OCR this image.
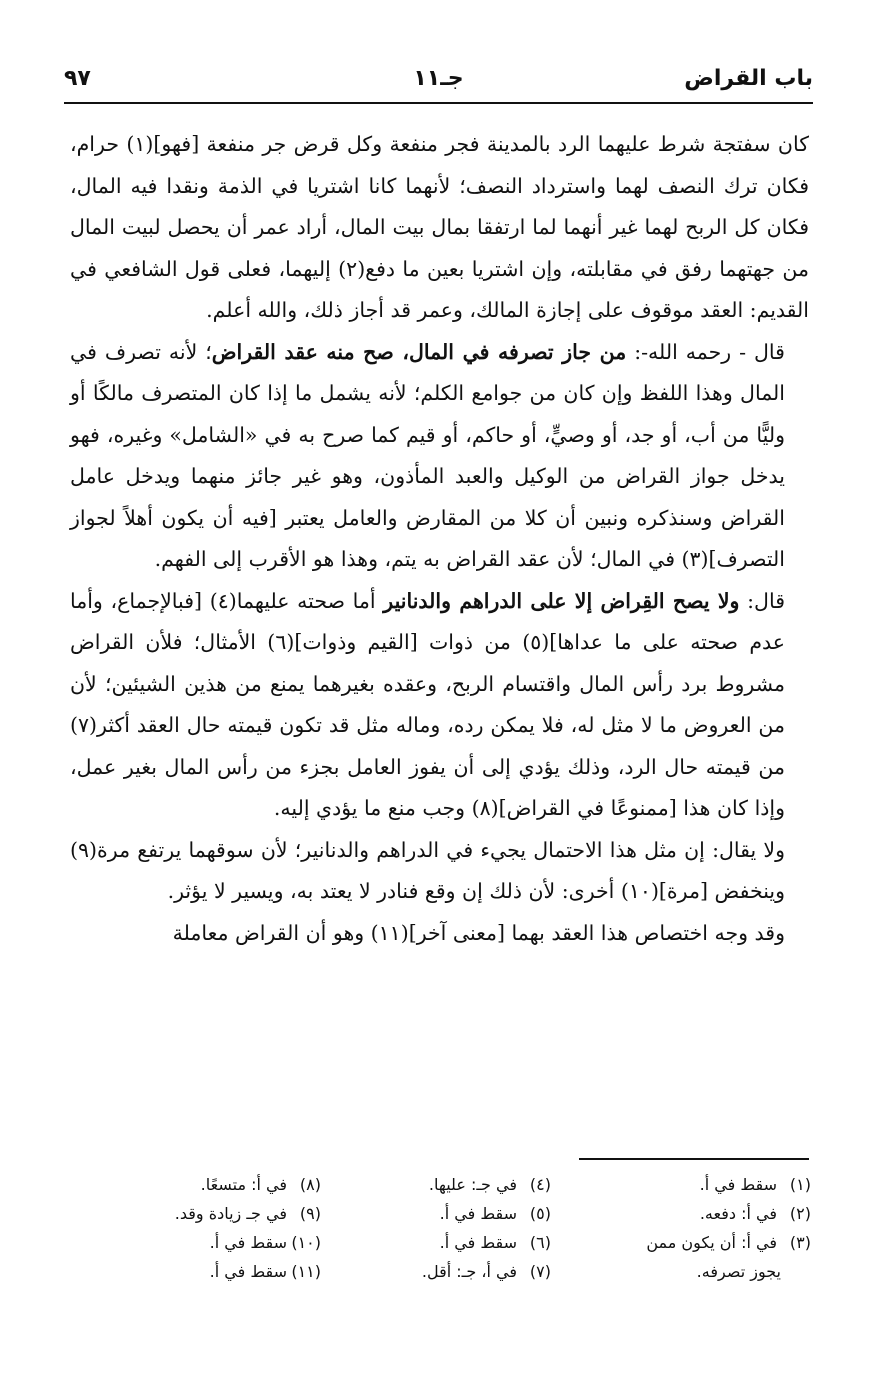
باب القراض
جـ١١
٩٧

كان سفتجة شرط عليهما الرد بالمدينة فجر منفعة وكل قرض جر منفعة [فهو](١) حرام، فكان ترك النصف لهما واسترداد النصف؛ لأنهما كانا اشتريا في الذمة ونقدا فيه المال، فكان كل الربح لهما غير أنهما لما ارتفقا بمال بيت المال، أراد عمر أن يحصل لبيت المال من جهتهما رفق في مقابلته، وإن اشتريا بعين ما دفع(٢) إليهما، فعلى قول الشافعي في القديم: العقد موقوف على إجازة المالك، وعمر قد أجاز ذلك، والله أعلم.

قال - رحمه الله-: من جاز تصرفه في المال، صح منه عقد القراض؛ لأنه تصرف في المال وهذا اللفظ وإن كان من جوامع الكلم؛ لأنه يشمل ما إذا كان المتصرف مالكًا أو وليًّا من أب، أو جد، أو وصيٍّ، أو حاكم، أو قيم كما صرح به في «الشامل» وغيره، فهو يدخل جواز القراض من الوكيل والعبد المأذون، وهو غير جائز منهما ويدخل عامل القراض وسنذكره ونبين أن كلا من المقارض والعامل يعتبر [فيه أن يكون أهلاً لجواز التصرف](٣) في المال؛ لأن عقد القراض به يتم، وهذا هو الأقرب إلى الفهم.

قال: ولا يصح القِراض إلا على الدراهم والدنانير أما صحته عليهما(٤) [فبالإجماع، وأما عدم صحته على ما عداها](٥) من ذوات [القيم وذوات](٦) الأمثال؛ فلأن القراض مشروط برد رأس المال واقتسام الربح، وعقده بغيرهما يمنع من هذين الشيئين؛ لأن من العروض ما لا مثل له، فلا يمكن رده، وماله مثل قد تكون قيمته حال العقد أكثر(٧) من قيمته حال الرد، وذلك يؤدي إلى أن يفوز العامل بجزء من رأس المال بغير عمل، وإذا كان هذا [ممنوعًا في القراض](٨) وجب منع ما يؤدي إليه.

ولا يقال: إن مثل هذا الاحتمال يجيء في الدراهم والدنانير؛ لأن سوقهما يرتفع مرة(٩) وينخفض [مرة](١٠) أخرى: لأن ذلك إن وقع فنادر لا يعتد به، ويسير لا يؤثر.

وقد وجه اختصاص هذا العقد بهما [معنى آخر](١١) وهو أن القراض معاملة

(١)سقط في أ.
(٢)في أ: دفعه.
(٣)في أ: أن يكون ممن
يجوز تصرفه.
(٤)في جـ: عليها.
(٥)سقط في أ.
(٦)سقط في أ.
(٧)في أ، جـ: أقل.
(٨)في أ: متسعًا.
(٩)في جـ زيادة وقد.
(١٠)سقط في أ.
(١١)سقط في أ.
